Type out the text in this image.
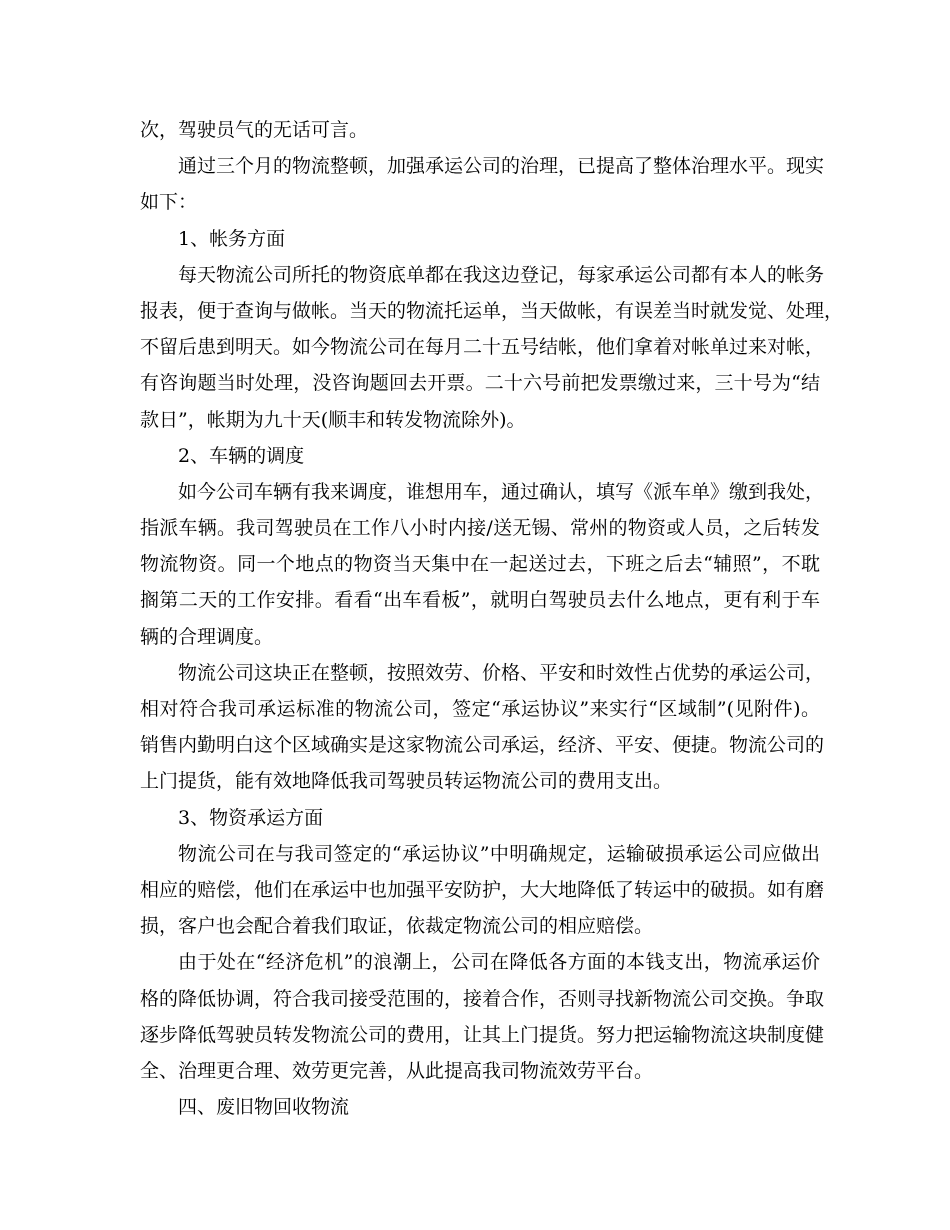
次，驾驶员气的无话可言。
通过三个月的物流整顿，加强承运公司的治理，已提高了整体治理水平。现实
如下：
1、帐务方面
每天物流公司所托的物资底单都在我这边登记，每家承运公司都有本人的帐务
报表，便于查询与做帐。当天的物流托运单，当天做帐，有误差当时就发觉、处理，
不留后患到明天。如今物流公司在每月二十五号结帐，他们拿着对帐单过来对帐，
有咨询题当时处理，没咨询题回去开票。二十六号前把发票缴过来，三十号为“结
款日”，帐期为九十天(顺丰和转发物流除外)。
2、车辆的调度
如今公司车辆有我来调度，谁想用车，通过确认，填写《派车单》缴到我处，
指派车辆。我司驾驶员在工作八小时内接/送无锡、常州的物资或人员，之后转发
物流物资。同一个地点的物资当天集中在一起送过去，下班之后去“辅照”，不耽
搁第二天的工作安排。看看“出车看板”，就明白驾驶员去什么地点，更有利于车
辆的合理调度。
物流公司这块正在整顿，按照效劳、价格、平安和时效性占优势的承运公司，
相对符合我司承运标准的物流公司，签定“承运协议”来实行“区域制”(见附件)。
销售内勤明白这个区域确实是这家物流公司承运，经济、平安、便捷。物流公司的
上门提货，能有效地降低我司驾驶员转运物流公司的费用支出。
3、物资承运方面
物流公司在与我司签定的“承运协议”中明确规定，运输破损承运公司应做出
相应的赔偿，他们在承运中也加强平安防护，大大地降低了转运中的破损。如有磨
损，客户也会配合着我们取证，依裁定物流公司的相应赔偿。
由于处在“经济危机”的浪潮上，公司在降低各方面的本钱支出，物流承运价
格的降低协调，符合我司接受范围的，接着合作，否则寻找新物流公司交换。争取
逐步降低驾驶员转发物流公司的费用，让其上门提货。努力把运输物流这块制度健
全、治理更合理、效劳更完善，从此提高我司物流效劳平台。
四、废旧物回收物流
